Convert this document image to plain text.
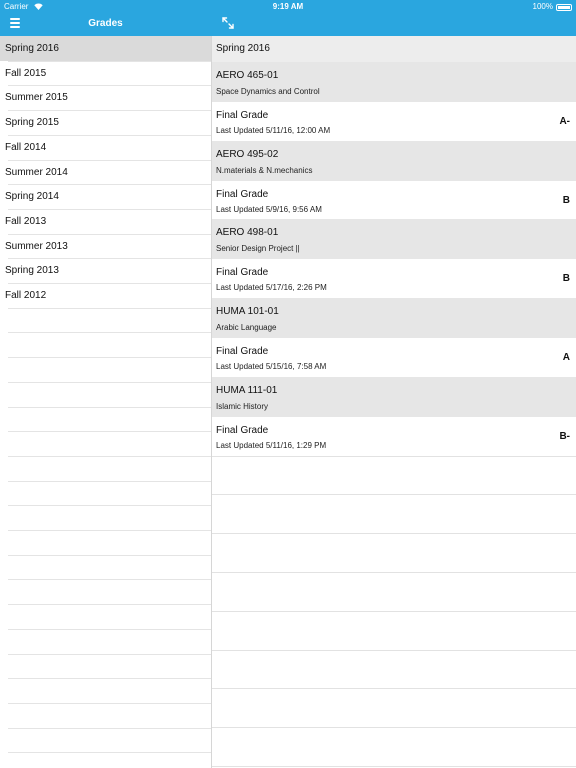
Carrier	9:19 AM	100%
Grades
Spring 2016
Fall 2015
Summer 2015
Spring 2015
Fall 2014
Summer 2014
Spring 2014
Fall 2013
Summer 2013
Spring 2013
Fall 2012
Spring 2016
AERO 465-01
Space Dynamics and Control
Final Grade
Last Updated 5/11/16, 12:00 AM
A-
AERO 495-02
N.materials & N.mechanics
Final Grade
Last Updated 5/9/16, 9:56 AM
B
AERO 498-01
Senior Design Project ||
Final Grade
Last Updated 5/17/16, 2:26 PM
B
HUMA 101-01
Arabic Language
Final Grade
Last Updated 5/15/16, 7:58 AM
A
HUMA 111-01
Islamic History
Final Grade
Last Updated 5/11/16, 1:29 PM
B-
